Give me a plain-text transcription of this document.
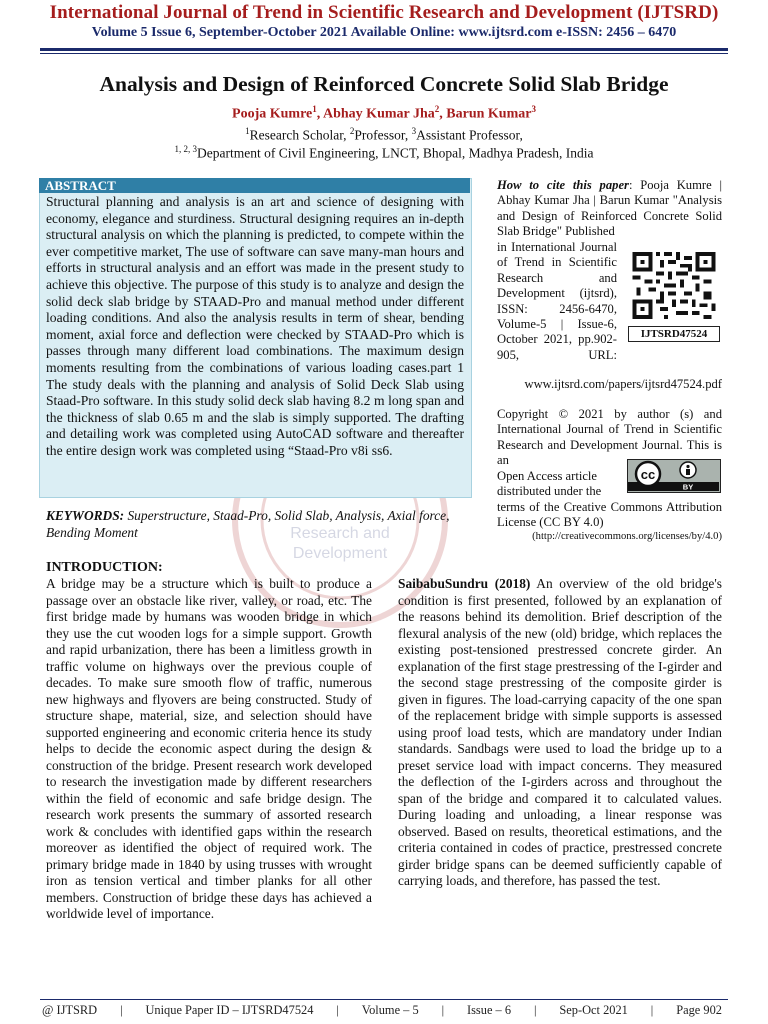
International Journal of Trend in Scientific Research and Development (IJTSRD)
Volume 5 Issue 6, September-October 2021 Available Online: www.ijtsrd.com e-ISSN: 2456 – 6470
Analysis and Design of Reinforced Concrete Solid Slab Bridge
Pooja Kumre$^1$, Abhay Kumar Jha$^2$, Barun Kumar$^3$
$^1$Research Scholar, $^2$Professor, $^3$Assistant Professor,
$^{1, 2, 3}$Department of Civil Engineering, LNCT, Bhopal, Madhya Pradesh, India
Research and
Development
ABSTRACT
Structural planning and analysis is an art and science of designing with economy, elegance and sturdiness. Structural designing requires an in-depth structural analysis on which the planning is predicted, to compete within the ever competitive market, The use of software can save many-man hours and efforts in structural analysis and an effort was made in the present study to achieve this objective. The purpose of this study is to analyze and design the solid deck slab bridge by STAAD-Pro and manual method under different loading conditions. And also the analysis results in term of shear, bending moment, axial force and deflection were checked by STAAD-Pro which is passes through many different load combinations. The maximum design moments resulting from the combinations of various loading cases.part 1 The study deals with the planning and analysis of Solid Deck Slab using Staad-Pro software. In this study solid deck slab having 8.2 m long span and the thickness of slab 0.65 m and the slab is simply supported. The drafting and detailing work was completed using AutoCAD software and thereafter the entire design work was completed using “Staad-Pro v8i ss6.
KEYWORDS: Superstructure, Staad-Pro, Solid Slab, Analysis, Axial force, Bending Moment
How to cite this paper: Pooja Kumre | Abhay Kumar Jha | Barun Kumar "Analysis and Design of Reinforced Concrete Solid Slab Bridge" Published
in International Journal of Trend in Scientific Research and Development (ijtsrd), ISSN: 2456-6470, Volume-5 | Issue-6, October 2021, pp.902-905, URL:
www.ijtsrd.com/papers/ijtsrd47524.pdf
IJTSRD47524
Copyright © 2021 by author (s) and International Journal of Trend in Scientific Research and Development Journal. This is an
Open Access article distributed under the
terms of the Creative Commons Attribution License (CC BY 4.0)
(http://creativecommons.org/licenses/by/4.0)
cc
BY
INTRODUCTION:
A bridge may be a structure which is built to produce a passage over an obstacle like river, valley, or road, etc. The first bridge made by humans was wooden bridge in which they use the cut wooden logs for a simple support. Growth and rapid urbanization, there has been a limitless growth in traffic volume on highways over the previous couple of decades. To make sure smooth flow of traffic, numerous new highways and flyovers are being constructed. Study of structure shape, material, size, and selection should have supported engineering and economic criteria hence its study helps to decide the economic aspect during the design & construction of the bridge. Present research work developed to research the investigation made by different researchers within the field of economic and safe bridge design. The research work presents the summary of assorted research work & concludes with identified gaps within the research moreover as identified the object of required work. The primary bridge made in 1840 by using trusses with wrought iron as tension vertical and timber planks for all other members. Construction of bridge these days has achieved a worldwide level of importance.
SaibabuSundru (2018) An overview of the old bridge's condition is first presented, followed by an explanation of the reasons behind its demolition. Brief description of the flexural analysis of the new (old) bridge, which replaces the existing post-tensioned prestressed concrete girder. An explanation of the first stage prestressing of the I-girder and the second stage prestressing of the composite girder is given in figures. The load-carrying capacity of the one span of the replacement bridge with simple supports is assessed using proof load tests, which are mandatory under Indian standards. Sandbags were used to load the bridge up to a preset service load with impact concerns. They measured the deflection of the I-girders across and throughout the span of the bridge and compared it to calculated values. During loading and unloading, a linear response was observed. Based on results, theoretical estimations, and the criteria contained in codes of practice, prestressed concrete girder bridge spans can be deemed sufficiently capable of carrying loads, and therefore, has passed the test.
@ IJTSRD | Unique Paper ID – IJTSRD47524 | Volume – 5 | Issue – 6 | Sep-Oct 2021 | Page 902
